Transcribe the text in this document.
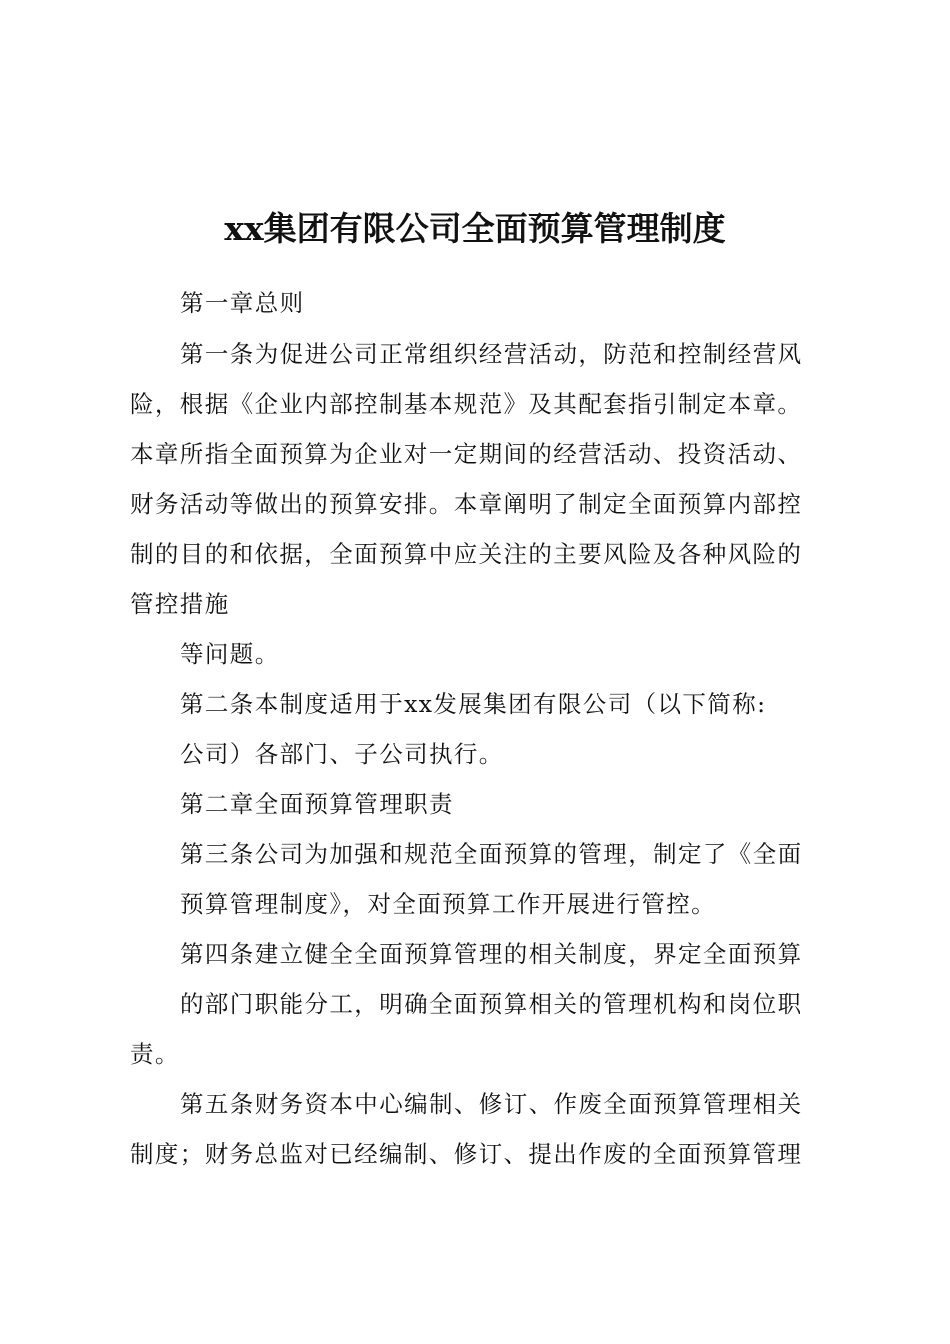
xx集团有限公司全面预算管理制度
第一章总则
第一条为促进公司正常组织经营活动，防范和控制经营风
险，根据《企业内部控制基本规范》及其配套指引制定本章。
本章所指全面预算为企业对一定期间的经营活动、投资活动、
财务活动等做出的预算安排。本章阐明了制定全面预算内部控
制的目的和依据，全面预算中应关注的主要风险及各种风险的
管控措施
等问题。
第二条本制度适用于xx发展集团有限公司（以下简称:
公司）各部门、子公司执行。
第二章全面预算管理职责
第三条公司为加强和规范全面预算的管理，制定了《全面
预算管理制度》，对全面预算工作开展进行管控。
第四条建立健全全面预算管理的相关制度，界定全面预算
的部门职能分工，明确全面预算相关的管理机构和岗位职
责。
第五条财务资本中心编制、修订、作废全面预算管理相关
制度；财务总监对已经编制、修订、提出作废的全面预算管理
